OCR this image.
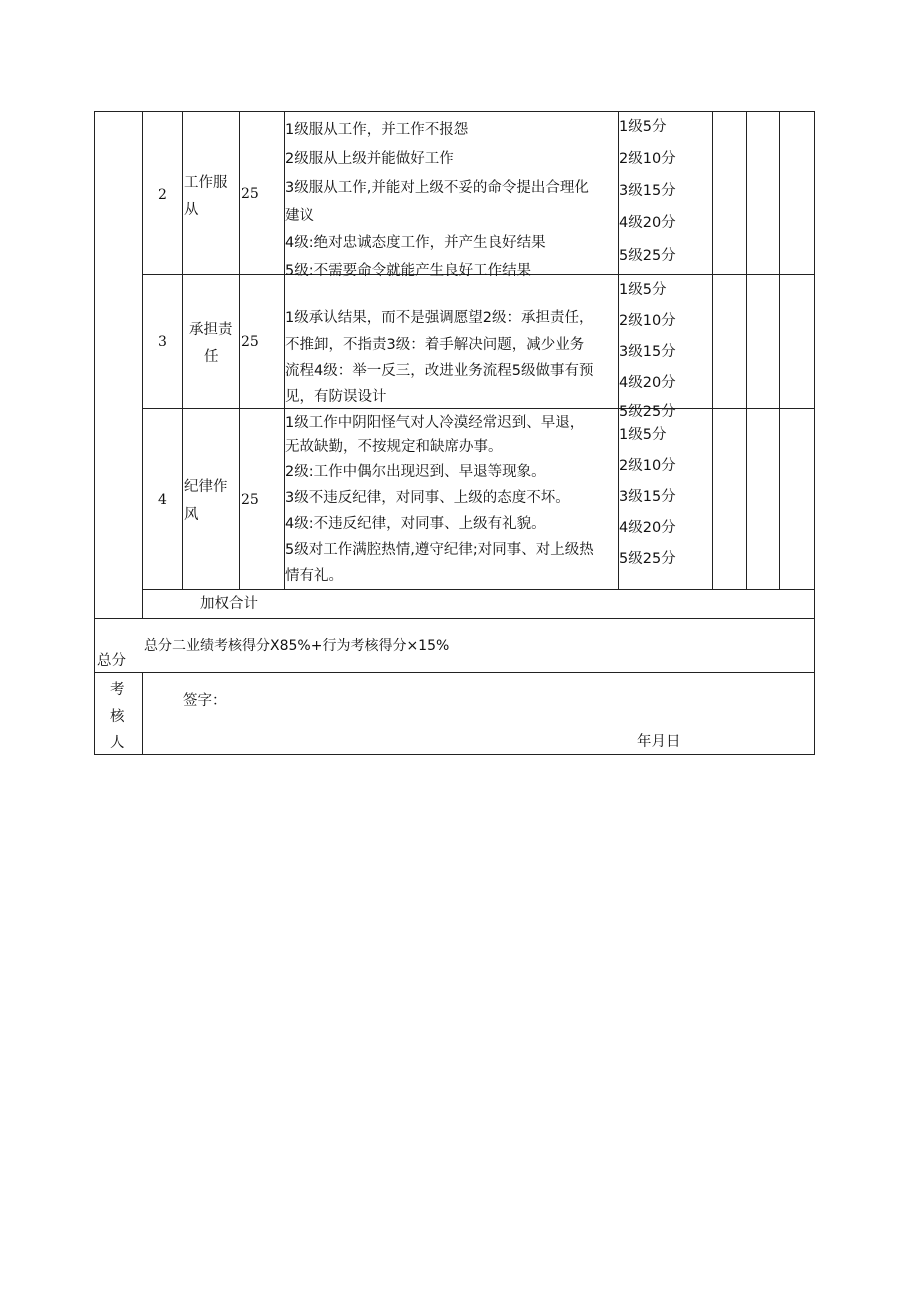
2
工作服
从
25
1级服从工作，并工作不报怨
2级服从上级并能做好工作
3级服从工作,并能对上级不妥的命令提出合理化
建议
4级:绝对忠诚态度工作，并产生良好结果
5级:不需要命令就能产生良好工作结果
1级5分
2级10分
3级15分
4级20分
5级25分
3
承担责
任
25
1级承认结果，而不是强调愿望2级：承担责任，
不推卸，不指责3级：着手解决问题，减少业务
流程4级：举一反三，改进业务流程5级做事有预
见，有防误设计
1级5分
2级10分
3级15分
4级20分
5级25分
4
纪律作
风
25
1级工作中阴阳怪气对人冷漠经常迟到、早退，
无故缺勤，不按规定和缺席办事。
2级:工作中偶尔出现迟到、早退等现象。
3级不违反纪律，对同事、上级的态度不坏。
4级:不违反纪律，对同事、上级有礼貌。
5级对工作满腔热情,遵守纪律;对同事、对上级热
情有礼。
1级5分
2级10分
3级15分
4级20分
5级25分
加权合计
总分
总分二业绩考核得分X85%+行为考核得分×15%
考
核
人
签字：
年月日
